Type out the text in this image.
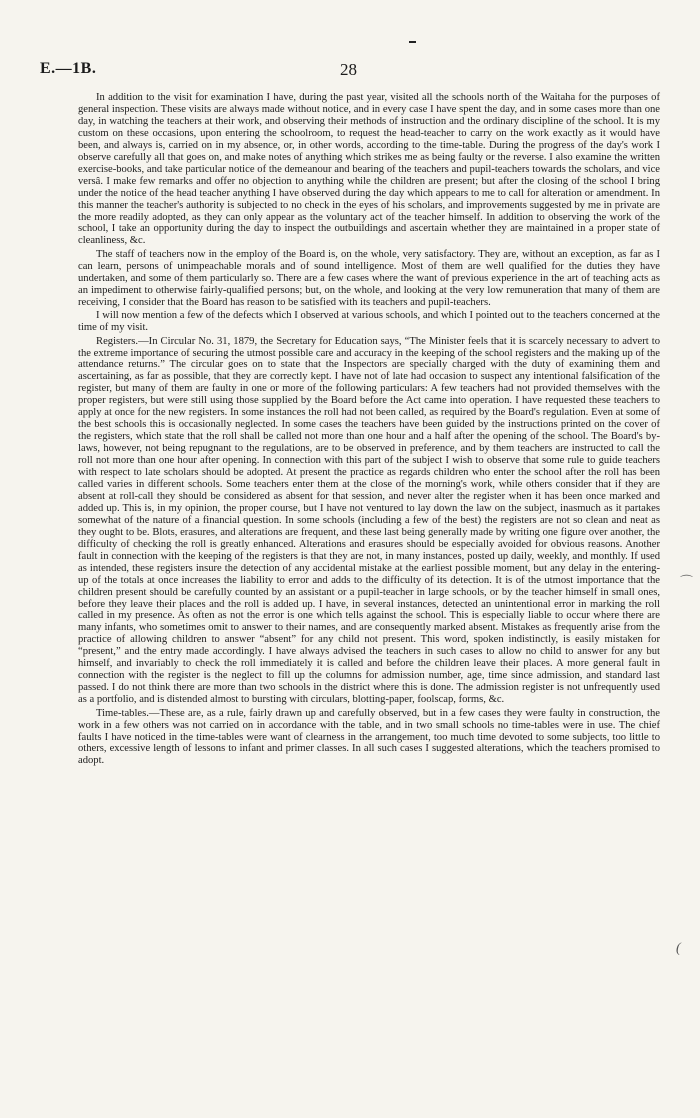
E.—1B.	28

In addition to the visit for examination I have, during the past year, visited all the schools north of the Waitaha for the purposes of general inspection. These visits are always made without notice, and in every case I have spent the day, and in some cases more than one day, in watching the teachers at their work, and observing their methods of instruction and the ordinary discipline of the school. It is my custom on these occasions, upon entering the schoolroom, to request the head-teacher to carry on the work exactly as it would have been, and always is, carried on in my absence, or, in other words, according to the time-table. During the progress of the day's work I observe carefully all that goes on, and make notes of anything which strikes me as being faulty or the reverse. I also examine the written exercise-books, and take particular notice of the demeanour and bearing of the teachers and pupil-teachers towards the scholars, and vice versâ. I make few remarks and offer no objection to anything while the children are present; but after the closing of the school I bring under the notice of the head teacher anything I have observed during the day which appears to me to call for alteration or amendment. In this manner the teacher's authority is subjected to no check in the eyes of his scholars, and improvements suggested by me in private are the more readily adopted, as they can only appear as the voluntary act of the teacher himself. In addition to observing the work of the school, I take an opportunity during the day to inspect the outbuildings and ascertain whether they are maintained in a proper state of cleanliness, &c.

The staff of teachers now in the employ of the Board is, on the whole, very satisfactory. They are, without an exception, as far as I can learn, persons of unimpeachable morals and of sound intelligence. Most of them are well qualified for the duties they have undertaken, and some of them particularly so. There are a few cases where the want of previous experience in the art of teaching acts as an impediment to otherwise fairly-qualified persons; but, on the whole, and looking at the very low remuneration that many of them are receiving, I consider that the Board has reason to be satisfied with its teachers and pupil-teachers.

I will now mention a few of the defects which I observed at various schools, and which I pointed out to the teachers concerned at the time of my visit.

Registers.—In Circular No. 31, 1879, the Secretary for Education says, “The Minister feels that it is scarcely necessary to advert to the extreme importance of securing the utmost possible care and accuracy in the keeping of the school registers and the making up of the attendance returns.” The circular goes on to state that the Inspectors are specially charged with the duty of examining them and ascertaining, as far as possible, that they are correctly kept. I have not of late had occasion to suspect any intentional falsification of the register, but many of them are faulty in one or more of the following particulars: A few teachers had not provided themselves with the proper registers, but were still using those supplied by the Board before the Act came into operation. I have requested these teachers to apply at once for the new registers. In some instances the roll had not been called, as required by the Board's regulation. Even at some of the best schools this is occasionally neglected. In some cases the teachers have been guided by the instructions printed on the cover of the registers, which state that the roll shall be called not more than one hour and a half after the opening of the school. The Board's by-laws, however, not being repugnant to the regulations, are to be observed in preference, and by them teachers are instructed to call the roll not more than one hour after opening. In connection with this part of the subject I wish to observe that some rule to guide teachers with respect to late scholars should be adopted. At present the practice as regards children who enter the school after the roll has been called varies in different schools. Some teachers enter them at the close of the morning's work, while others consider that if they are absent at roll-call they should be considered as absent for that session, and never alter the register when it has been once marked and added up. This is, in my opinion, the proper course, but I have not ventured to lay down the law on the subject, inasmuch as it partakes somewhat of the nature of a financial question. In some schools (including a few of the best) the registers are not so clean and neat as they ought to be. Blots, erasures, and alterations are frequent, and these last being generally made by writing one figure over another, the difficulty of checking the roll is greatly enhanced. Alterations and erasures should be especially avoided for obvious reasons. Another fault in connection with the keeping of the registers is that they are not, in many instances, posted up daily, weekly, and monthly. If used as intended, these registers insure the detection of any accidental mistake at the earliest possible moment, but any delay in the entering-up of the totals at once increases the liability to error and adds to the difficulty of its detection. It is of the utmost importance that the children present should be carefully counted by an assistant or a pupil-teacher in large schools, or by the teacher himself in small ones, before they leave their places and the roll is added up. I have, in several instances, detected an unintentional error in marking the roll called in my presence. As often as not the error is one which tells against the school. This is especially liable to occur where there are many infants, who sometimes omit to answer to their names, and are consequently marked absent. Mistakes as frequently arise from the practice of allowing children to answer “absent” for any child not present. This word, spoken indistinctly, is easily mistaken for “present,” and the entry made accordingly. I have always advised the teachers in such cases to allow no child to answer for any but himself, and invariably to check the roll immediately it is called and before the children leave their places. A more general fault in connection with the register is the neglect to fill up the columns for admission number, age, time since admission, and standard last passed. I do not think there are more than two schools in the district where this is done. The admission register is not unfrequently used as a portfolio, and is distended almost to bursting with circulars, blotting-paper, foolscap, forms, &c.

Time-tables.—These are, as a rule, fairly drawn up and carefully observed, but in a few cases they were faulty in construction, the work in a few others was not carried on in accordance with the table, and in two small schools no time-tables were in use. The chief faults I have noticed in the time-tables were want of clearness in the arrangement, too much time devoted to some subjects, too little to others, excessive length of lessons to infant and primer classes. In all such cases I suggested alterations, which the teachers promised to adopt.

⌒
(
